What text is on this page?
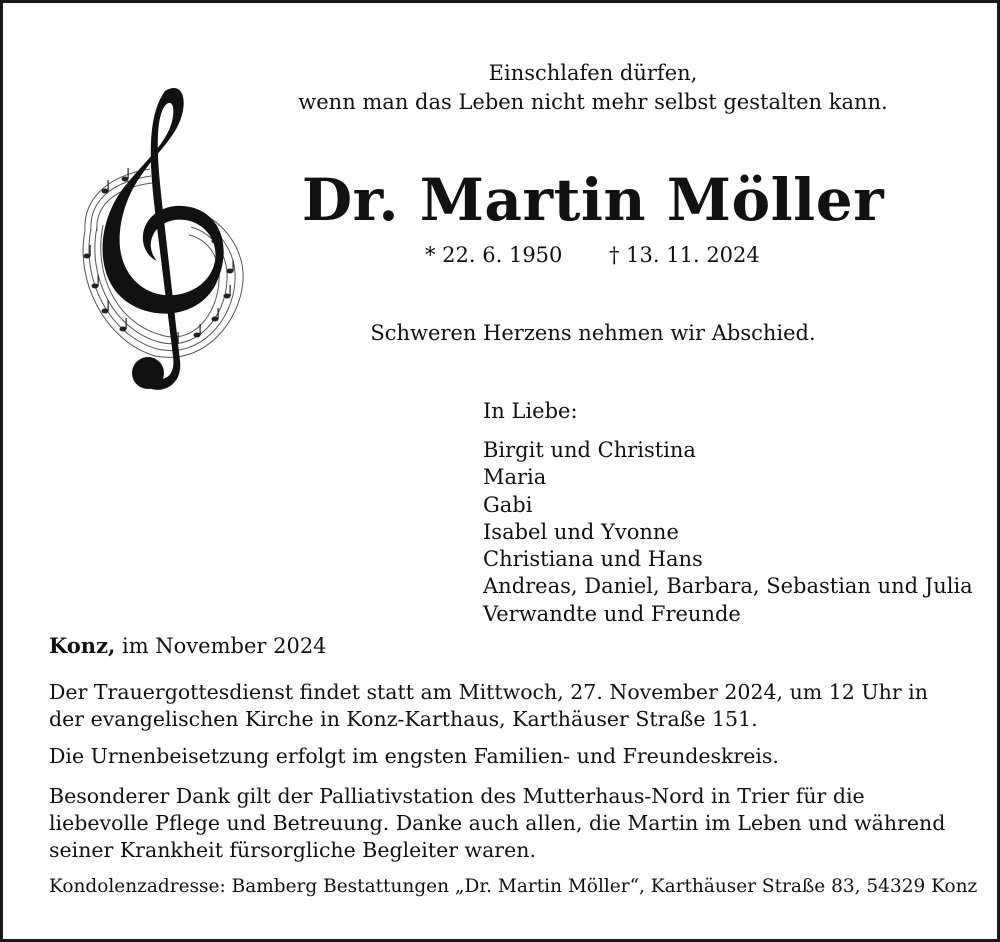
Einschlafen dürfen,
wenn man das Leben nicht mehr selbst gestalten kann.
Dr. Martin Möller
* 22. 6. 1950 † 13. 11. 2024
Schweren Herzens nehmen wir Abschied.
In Liebe:
Birgit und Christina
Maria
Gabi
Isabel und Yvonne
Christiana und Hans
Andreas, Daniel, Barbara, Sebastian und Julia
Verwandte und Freunde
Konz, im November 2024
Der Trauergottesdienst findet statt am Mittwoch, 27. November 2024, um 12 Uhr in der evangelischen Kirche in Konz-Karthaus, Karthäuser Straße 151.
Die Urnenbeisetzung erfolgt im engsten Familien- und Freundeskreis.
Besonderer Dank gilt der Palliativstation des Mutterhaus-Nord in Trier für die liebevolle Pflege und Betreuung. Danke auch allen, die Martin im Leben und während seiner Krankheit fürsorgliche Begleiter waren.
Kondolenzadresse: Bamberg Bestattungen „Dr. Martin Möller“, Karthäuser Straße 83, 54329 Konz
